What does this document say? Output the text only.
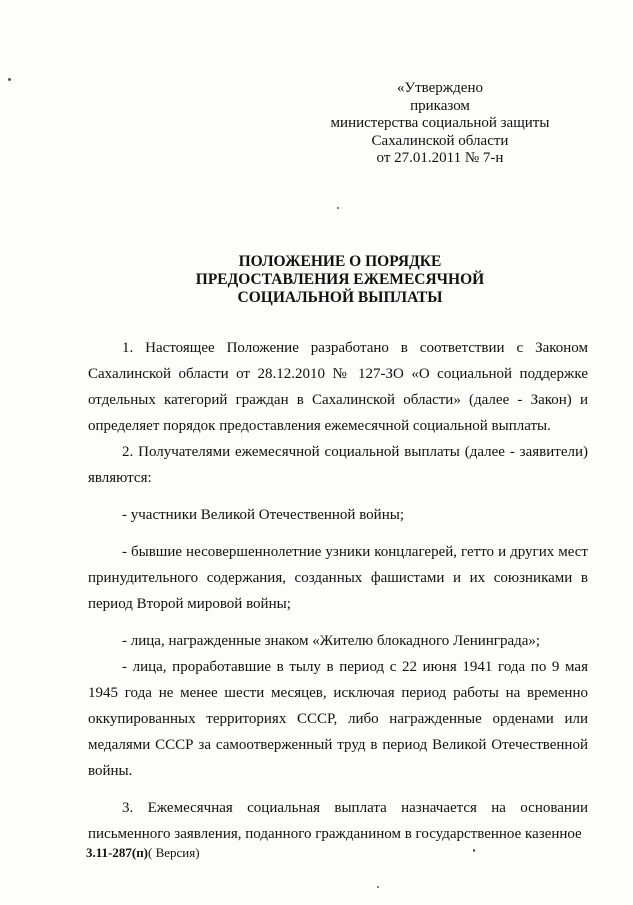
«Утверждено
приказом
министерства социальной защиты
Сахалинской области
от 27.01.2011 № 7-н
ПОЛОЖЕНИЕ О ПОРЯДКЕ
ПРЕДОСТАВЛЕНИЯ ЕЖЕМЕСЯЧНОЙ
СОЦИАЛЬНОЙ ВЫПЛАТЫ

1. Настоящее Положение разработано в соответствии с Законом Сахалинской области от 28.12.2010 № 127-ЗО «О социальной поддержке отдельных категорий граждан в Сахалинской области» (далее - Закон) и определяет порядок предоставления ежемесячной социальной выплаты.

2. Получателями ежемесячной социальной выплаты (далее - заявители) являются:

- участники Великой Отечественной войны;

- бывшие несовершеннолетние узники концлагерей, гетто и других мест принудительного содержания, созданных фашистами и их союзниками в период Второй мировой войны;

- лица, награжденные знаком «Жителю блокадного Ленинграда»;

- лица, проработавшие в тылу в период с 22 июня 1941 года по 9 мая 1945 года не менее шести месяцев, исключая период работы на временно оккупированных территориях СССР, либо награжденные орденами или медалями СССР за самоотверженный труд в период Великой Отечественной войны.

3. Ежемесячная социальная выплата назначается на основании письменного заявления, поданного гражданином в государственное казенное

3.11-287(п)( Версия)
